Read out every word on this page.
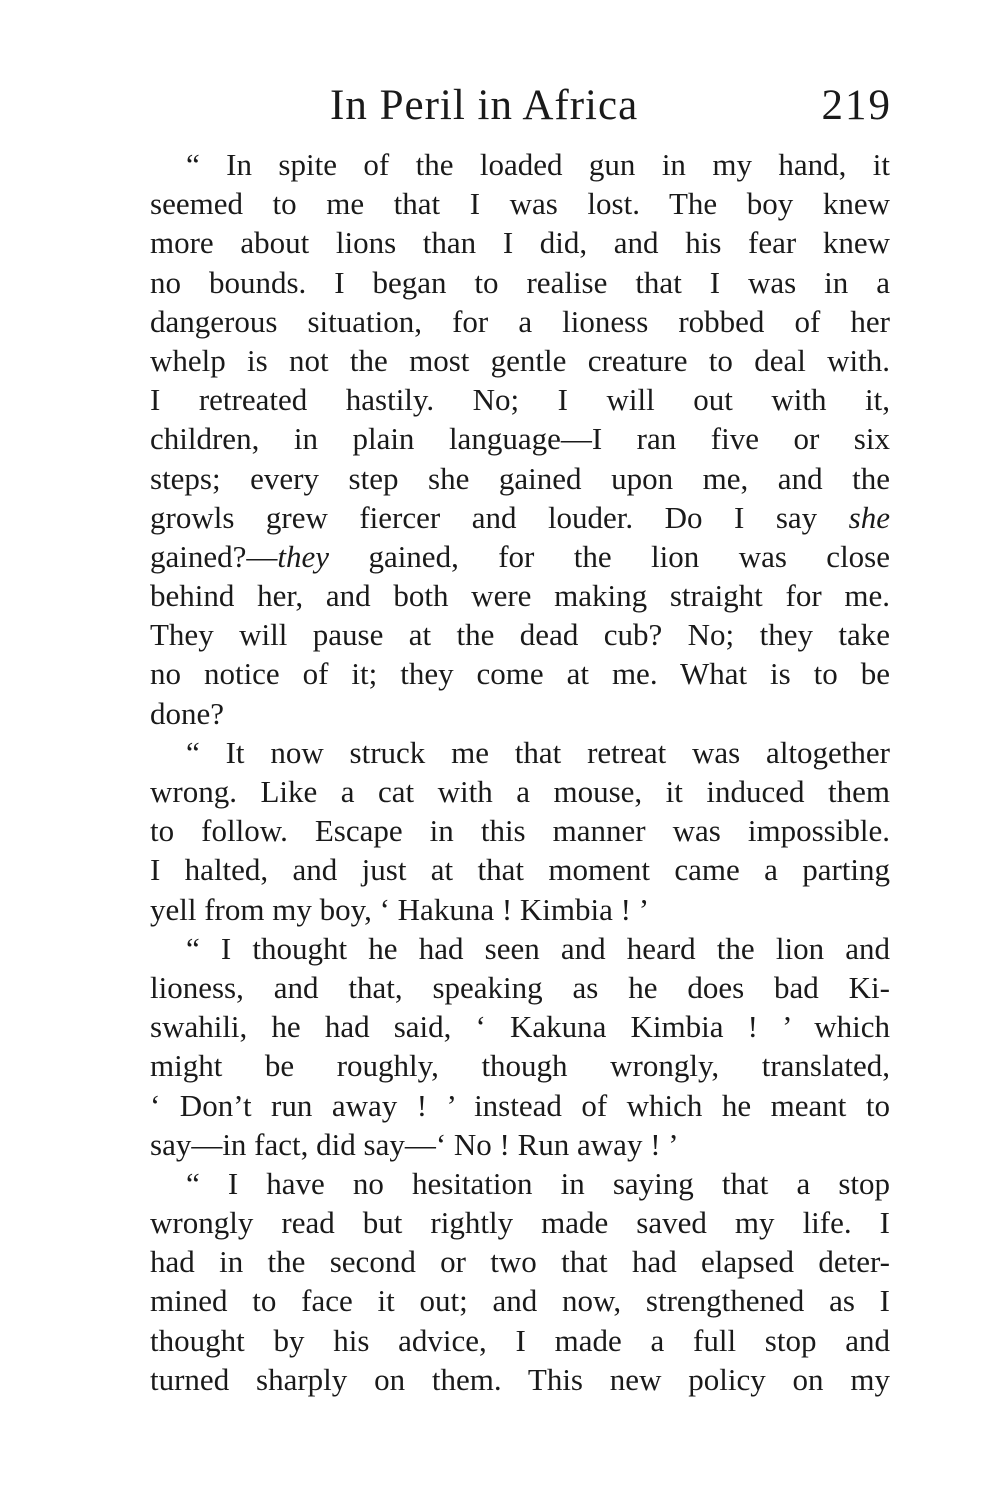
In Peril in Africa	219
“ In spite of the loaded gun in my hand, it
seemed to me that I was lost. The boy knew
more about lions than I did, and his fear knew
no bounds. I began to realise that I was in a
dangerous situation, for a lioness robbed of her
whelp is not the most gentle creature to deal with.
I retreated hastily. No; I will out with it,
children, in plain language—I ran five or six
steps; every step she gained upon me, and the
growls grew fiercer and louder. Do I say she
gained?—they gained, for the lion was close
behind her, and both were making straight for me.
They will pause at the dead cub? No; they take
no notice of it; they come at me. What is to be
done?
“ It now struck me that retreat was altogether
wrong. Like a cat with a mouse, it induced them
to follow. Escape in this manner was impossible.
I halted, and just at that moment came a parting
yell from my boy, ‘ Hakuna ! Kimbia ! ’
“ I thought he had seen and heard the lion and
lioness, and that, speaking as he does bad Ki-
swahili, he had said, ‘ Kakuna Kimbia ! ’ which
might be roughly, though wrongly, translated,
‘ Don’t run away ! ’ instead of which he meant to
say—in fact, did say—‘ No ! Run away ! ’
“ I have no hesitation in saying that a stop
wrongly read but rightly made saved my life. I
had in the second or two that had elapsed deter-
mined to face it out; and now, strengthened as I
thought by his advice, I made a full stop and
turned sharply on them. This new policy on my
